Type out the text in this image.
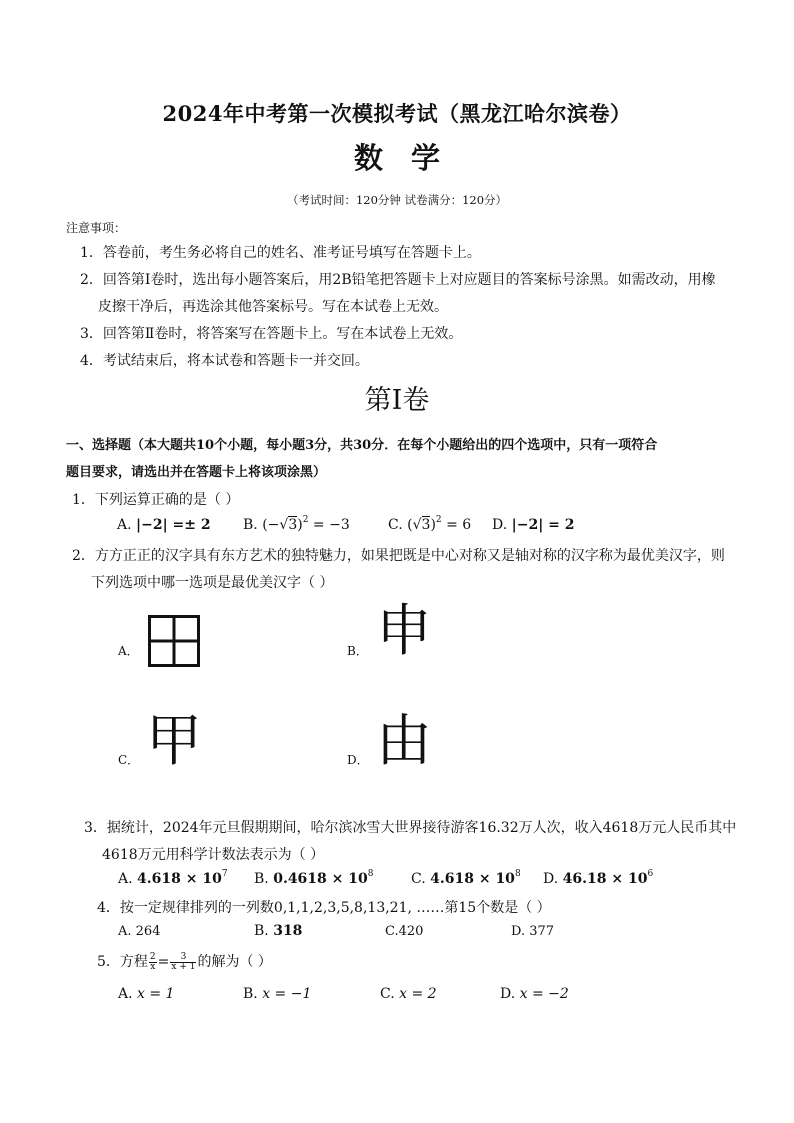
2024年中考第一次模拟考试（黑龙江哈尔滨卷）
数学
（考试时间：120分钟 试卷满分：120分）
注意事项：
1．答卷前，考生务必将自己的姓名、准考证号填写在答题卡上。
2．回答第Ⅰ卷时，选出每小题答案后，用2B铅笔把答题卡上对应题目的答案标号涂黑。如需改动，用橡
皮擦干净后，再选涂其他答案标号。写在本试卷上无效。
3．回答第Ⅱ卷时，将答案写在答题卡上。写在本试卷上无效。
4．考试结束后，将本试卷和答题卡一并交回。
第Ⅰ卷
一、选择题（本大题共10个小题，每小题3分，共30分．在每个小题给出的四个选项中，只有一项符合
题目要求，请选出并在答题卡上将该项涂黑）
1．下列运算正确的是（ ）
A. |−2| =± 2 B. $(-√3)^2 = -3$	C. $(√3)^2 = 6$ D. |−2| = 2
2．方方正正的汉字具有东方艺术的独特魅力，如果把既是中心对称又是轴对称的汉字称为最优美汉字，则
下列选项中哪一选项是最优美汉字（ ）
A．	B． 申
C． 甲	D． 由
3．据统计，2024年元旦假期期间，哈尔滨冰雪大世界接待游客16.32万人次，收入4618万元人民币其中
4618万元用科学计数法表示为（ ）
A. $4.618 \times 10^7$ B. $0.4618 \times 10^8$	C. $4.618 \times 10^8$ D. $46.18 \times 10^6$
4．按一定规律排列的一列数0,1,1,2,3,5,8,13,21, ……第15个数是（ ）
A. 264	B. 318	C.420	D. 377
5．方程 $\frac{2}{x} = \frac{3}{x + 1}$ 的解为（ ）
A. x = 1	B. x = −1	C. x = 2	D. x = −2
